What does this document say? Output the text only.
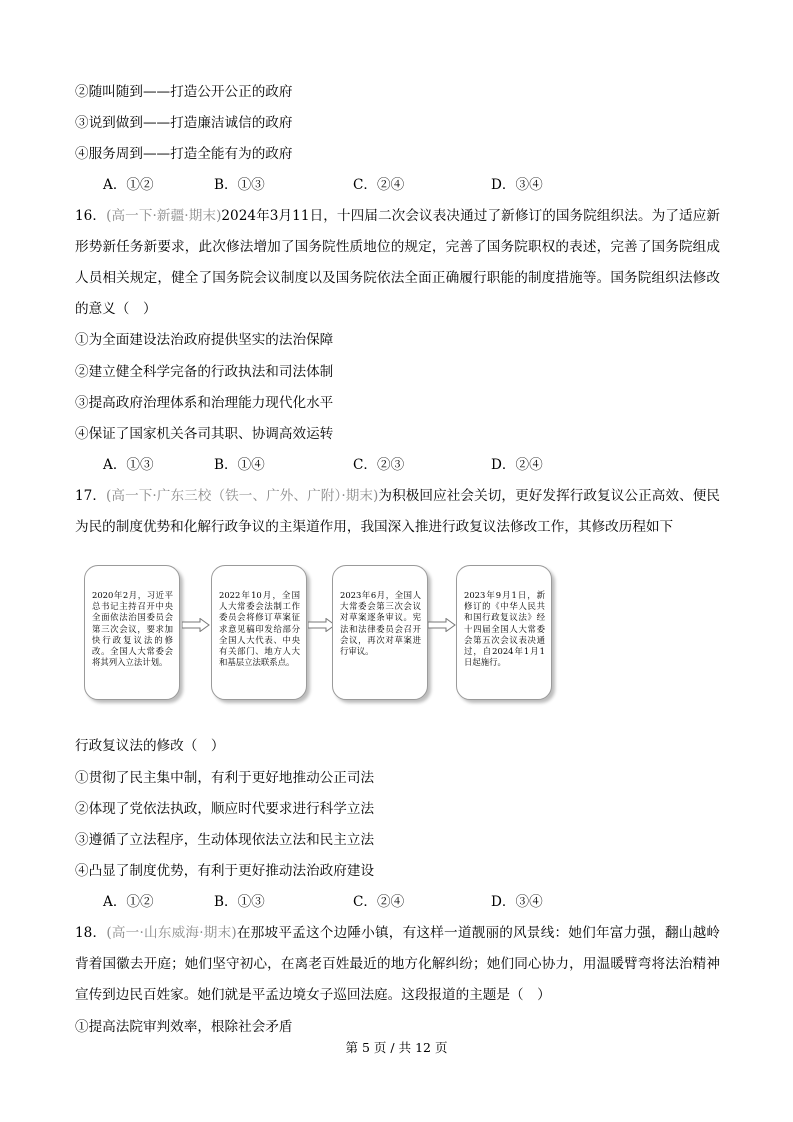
②随叫随到——打造公开公正的政府
③说到做到——打造廉洁诚信的政府
④服务周到——打造全能有为的政府
A．①②	B．①③	C．②④	D．③④
16．(高一下·新疆·期末)2024年3月11日，十四届二次会议表决通过了新修订的国务院组织法。为了适应新形势新任务新要求，此次修法增加了国务院性质地位的规定，完善了国务院职权的表述，完善了国务院组成人员相关规定，健全了国务院会议制度以及国务院依法全面正确履行职能的制度措施等。国务院组织法修改的意义（　）
①为全面建设法治政府提供坚实的法治保障
②建立健全科学完备的行政执法和司法体制
③提高政府治理体系和治理能力现代化水平
④保证了国家机关各司其职、协调高效运转
A．①③	B．①④	C．②③	D．②④
17．(高一下·广东三校（铁一、广外、广附）·期末)为积极回应社会关切，更好发挥行政复议公正高效、便民为民的制度优势和化解行政争议的主渠道作用，我国深入推进行政复议法修改工作，其修改历程如下
2020年2月，习近平总书记主持召开中央全面依法治国委员会第三次会议，要求加快行政复议法的修改。全国人大常委会将其列入立法计划。
2022年10月，全国人大常委会法制工作委员会将修订草案征求意见稿印发给部分全国人大代表、中央有关部门、地方人大和基层立法联系点。
2023年6月，全国人大常委会第三次会议对草案逐条审议。宪法和法律委员会召开会议，再次对草案进行审议。
2023年9月1日，新修订的《中华人民共和国行政复议法》经十四届全国人大常委会第五次会议表决通过，自2024年1月1日起施行。
行政复议法的修改（　）
①贯彻了民主集中制，有利于更好地推动公正司法
②体现了党依法执政，顺应时代要求进行科学立法
③遵循了立法程序，生动体现依法立法和民主立法
④凸显了制度优势，有利于更好推动法治政府建设
A．①②	B．①③	C．②④	D．③④
18．(高一·山东威海·期末)在那坡平孟这个边陲小镇，有这样一道靓丽的风景线：她们年富力强，翻山越岭背着国徽去开庭；她们坚守初心，在离老百姓最近的地方化解纠纷；她们同心协力，用温暖臂弯将法治精神宣传到边民百姓家。她们就是平孟边境女子巡回法庭。这段报道的主题是（　）
①提高法院审判效率，根除社会矛盾
第 5 页 / 共 12 页
